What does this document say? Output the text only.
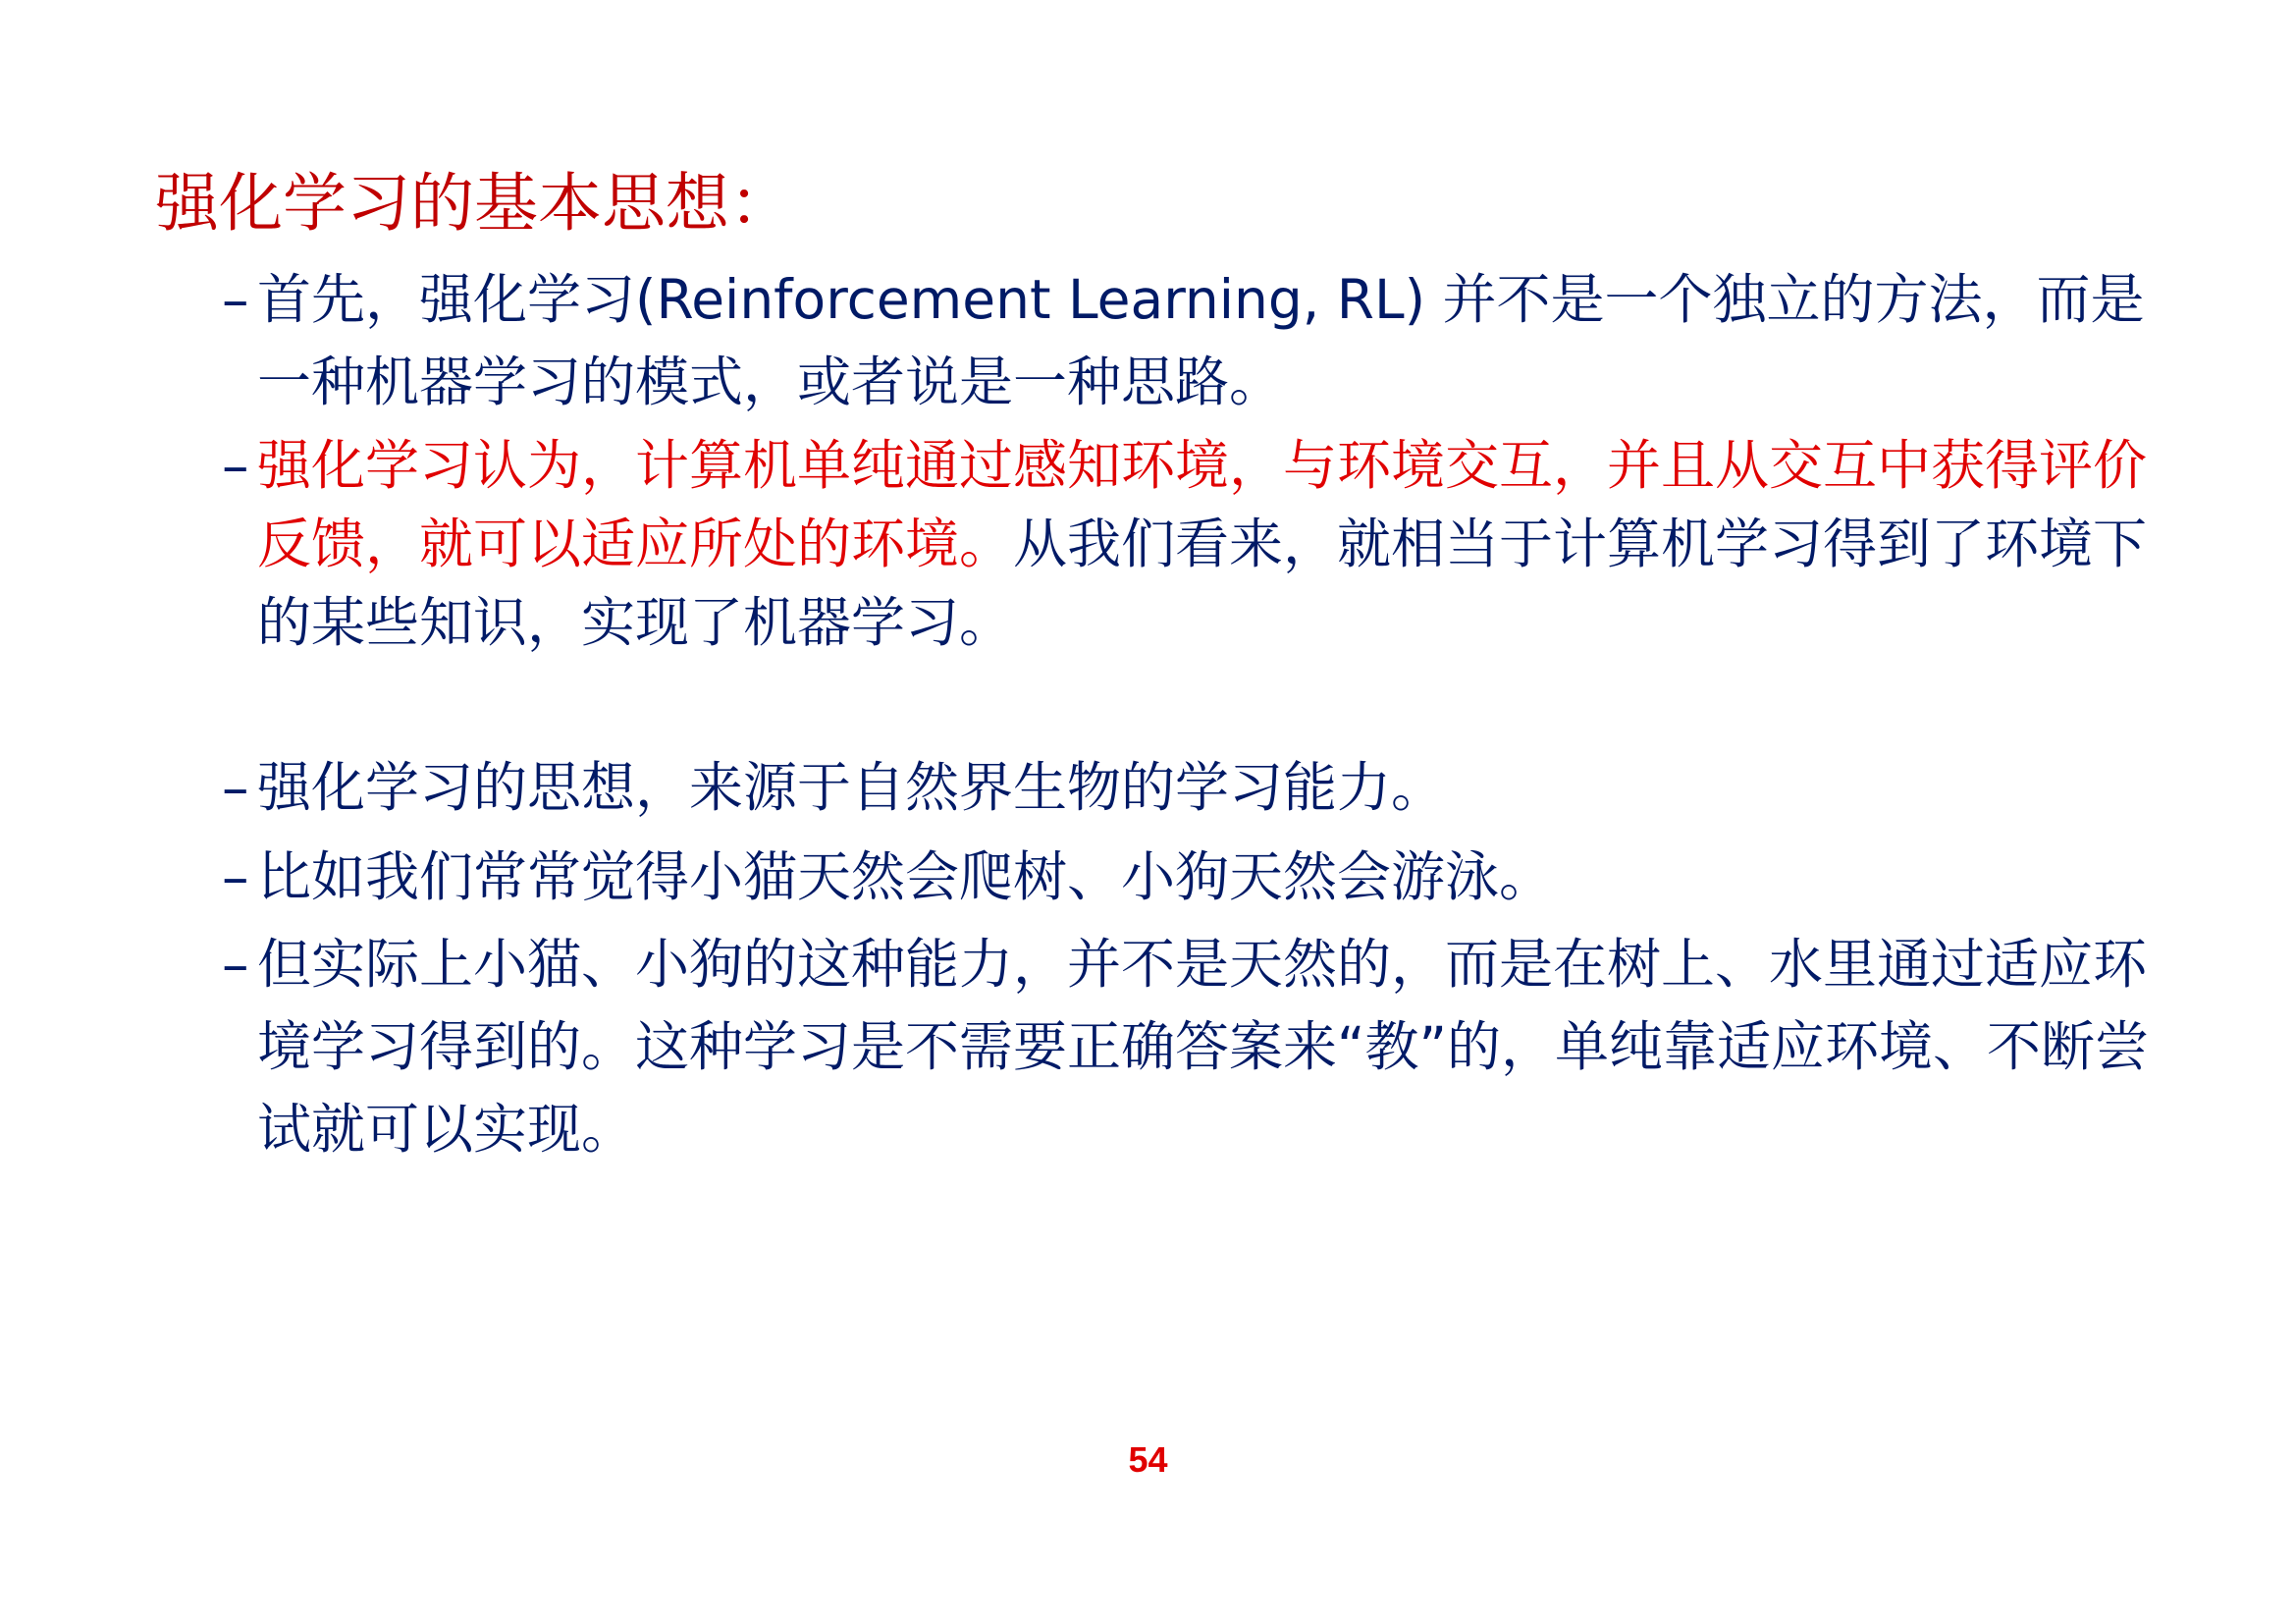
强化学习的基本思想：
– 首先，强化学习(Reinforcement Learning, RL) 并不是一个独立的方法，而是一种机器学习的模式，或者说是一种思路。
– 强化学习认为，计算机单纯通过感知环境，与环境交互，并且从交互中获得评价反馈，就可以适应所处的环境。从我们看来，就相当于计算机学习得到了环境下的某些知识，实现了机器学习。
– 强化学习的思想，来源于自然界生物的学习能力。
– 比如我们常常觉得小猫天然会爬树、小狗天然会游泳。
– 但实际上小猫、小狗的这种能力，并不是天然的，而是在树上、水里通过适应环境学习得到的。这种学习是不需要正确答案来“教”的，单纯靠适应环境、不断尝试就可以实现。
54
